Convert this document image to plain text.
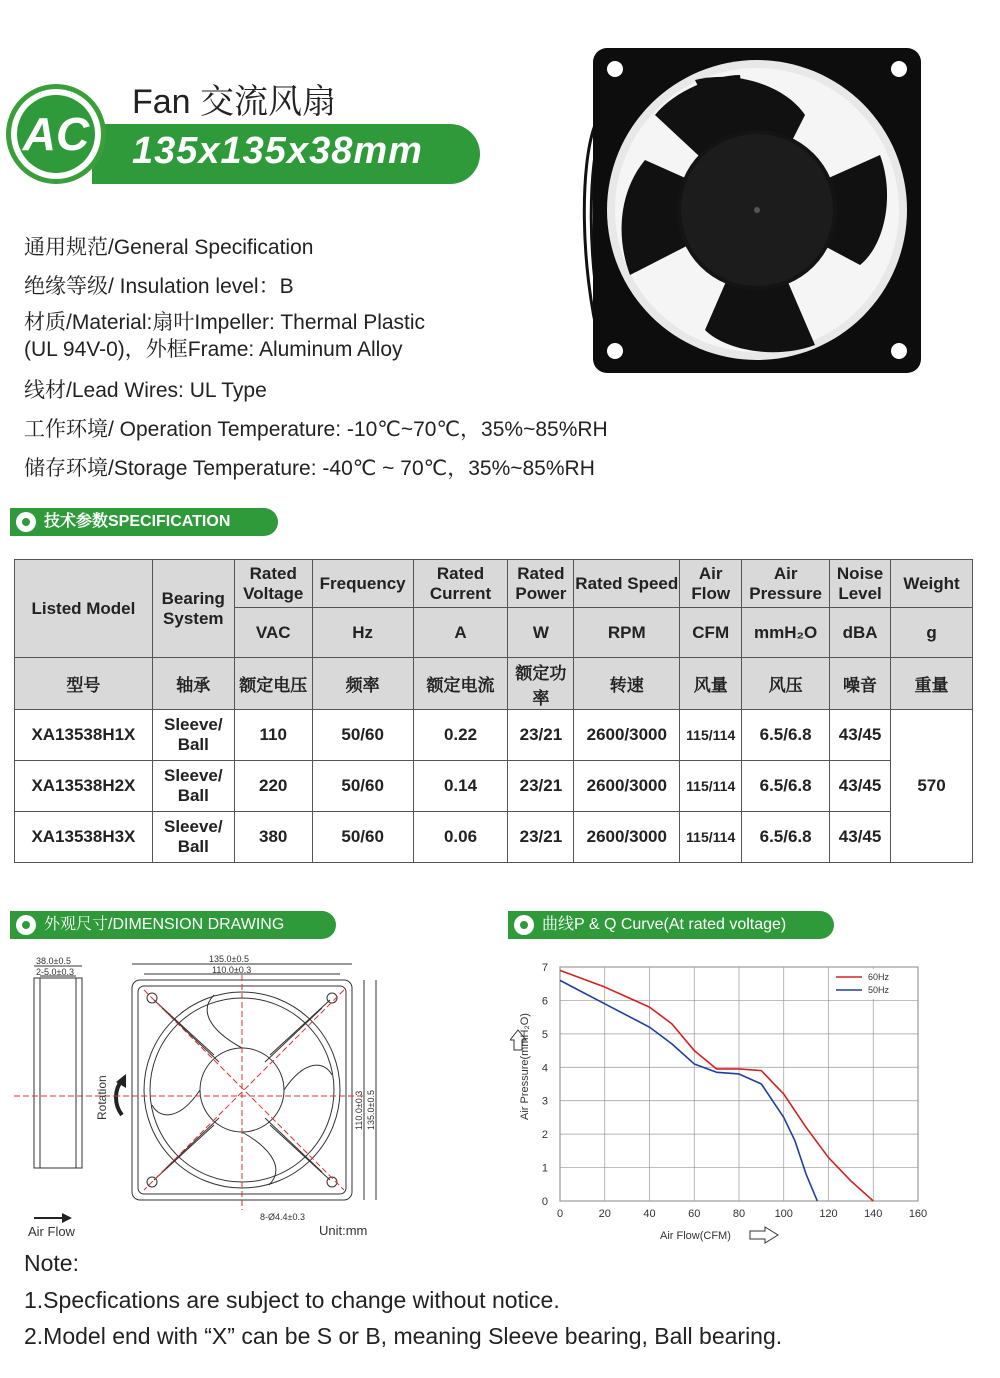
135x135x38mm
AC
Fan 交流风扇
通用规范/General Specification
绝缘等级/ Insulation level：B
材质/Material:扇叶Impeller: Thermal Plastic
(UL 94V-0)，外框Frame: Aluminum Alloy
线材/Lead Wires: UL Type
工作环境/ Operation Temperature: -10℃~70℃，35%~85%RH
储存环境/Storage Temperature: -40℃ ~ 70℃，35%~85%RH
技术参数SPECIFICATION
Listed Model	Bearing System	Rated Voltage	Frequency	Rated Current	Rated Power	Rated Speed	Air Flow	Air Pressure	Noise Level	Weight
		VAC	Hz	A	W	RPM	CFM	mmH₂O	dBA	g
型号	轴承	额定电压	频率	额定电流	额定功率	转速	风量	风压	噪音	重量
XA13538H1X	Sleeve/ Ball	110	50/60	0.22	23/21	2600/3000	115/114	6.5/6.8	43/45	570
XA13538H2X	Sleeve/ Ball	220	50/60	0.14	23/21	2600/3000	115/114	6.5/6.8	43/45	
XA13538H3X	Sleeve/ Ball	380	50/60	0.06	23/21	2600/3000	115/114	6.5/6.8	43/45	
外观尺寸/DIMENSION DRAWING
38.0±0.5
2-5.0±0.3
Air Flow
Rotation
135.0±0.5
110.0±0.3
110.0±0.3 135.0±0.5
8-Ø4.4±0.3
Unit:mm
曲线P & Q Curve(At rated voltage)
0	20	40	60	80	100 120 140 160
0
1
2
3
4
5
6
7
60Hz
50Hz
Air Pressure(mmH₂O)
Air Flow(CFM)
Note:
1.Specfications are subject to change without notice.
2.Model end with “X” can be S or B, meaning Sleeve bearing, Ball bearing.
